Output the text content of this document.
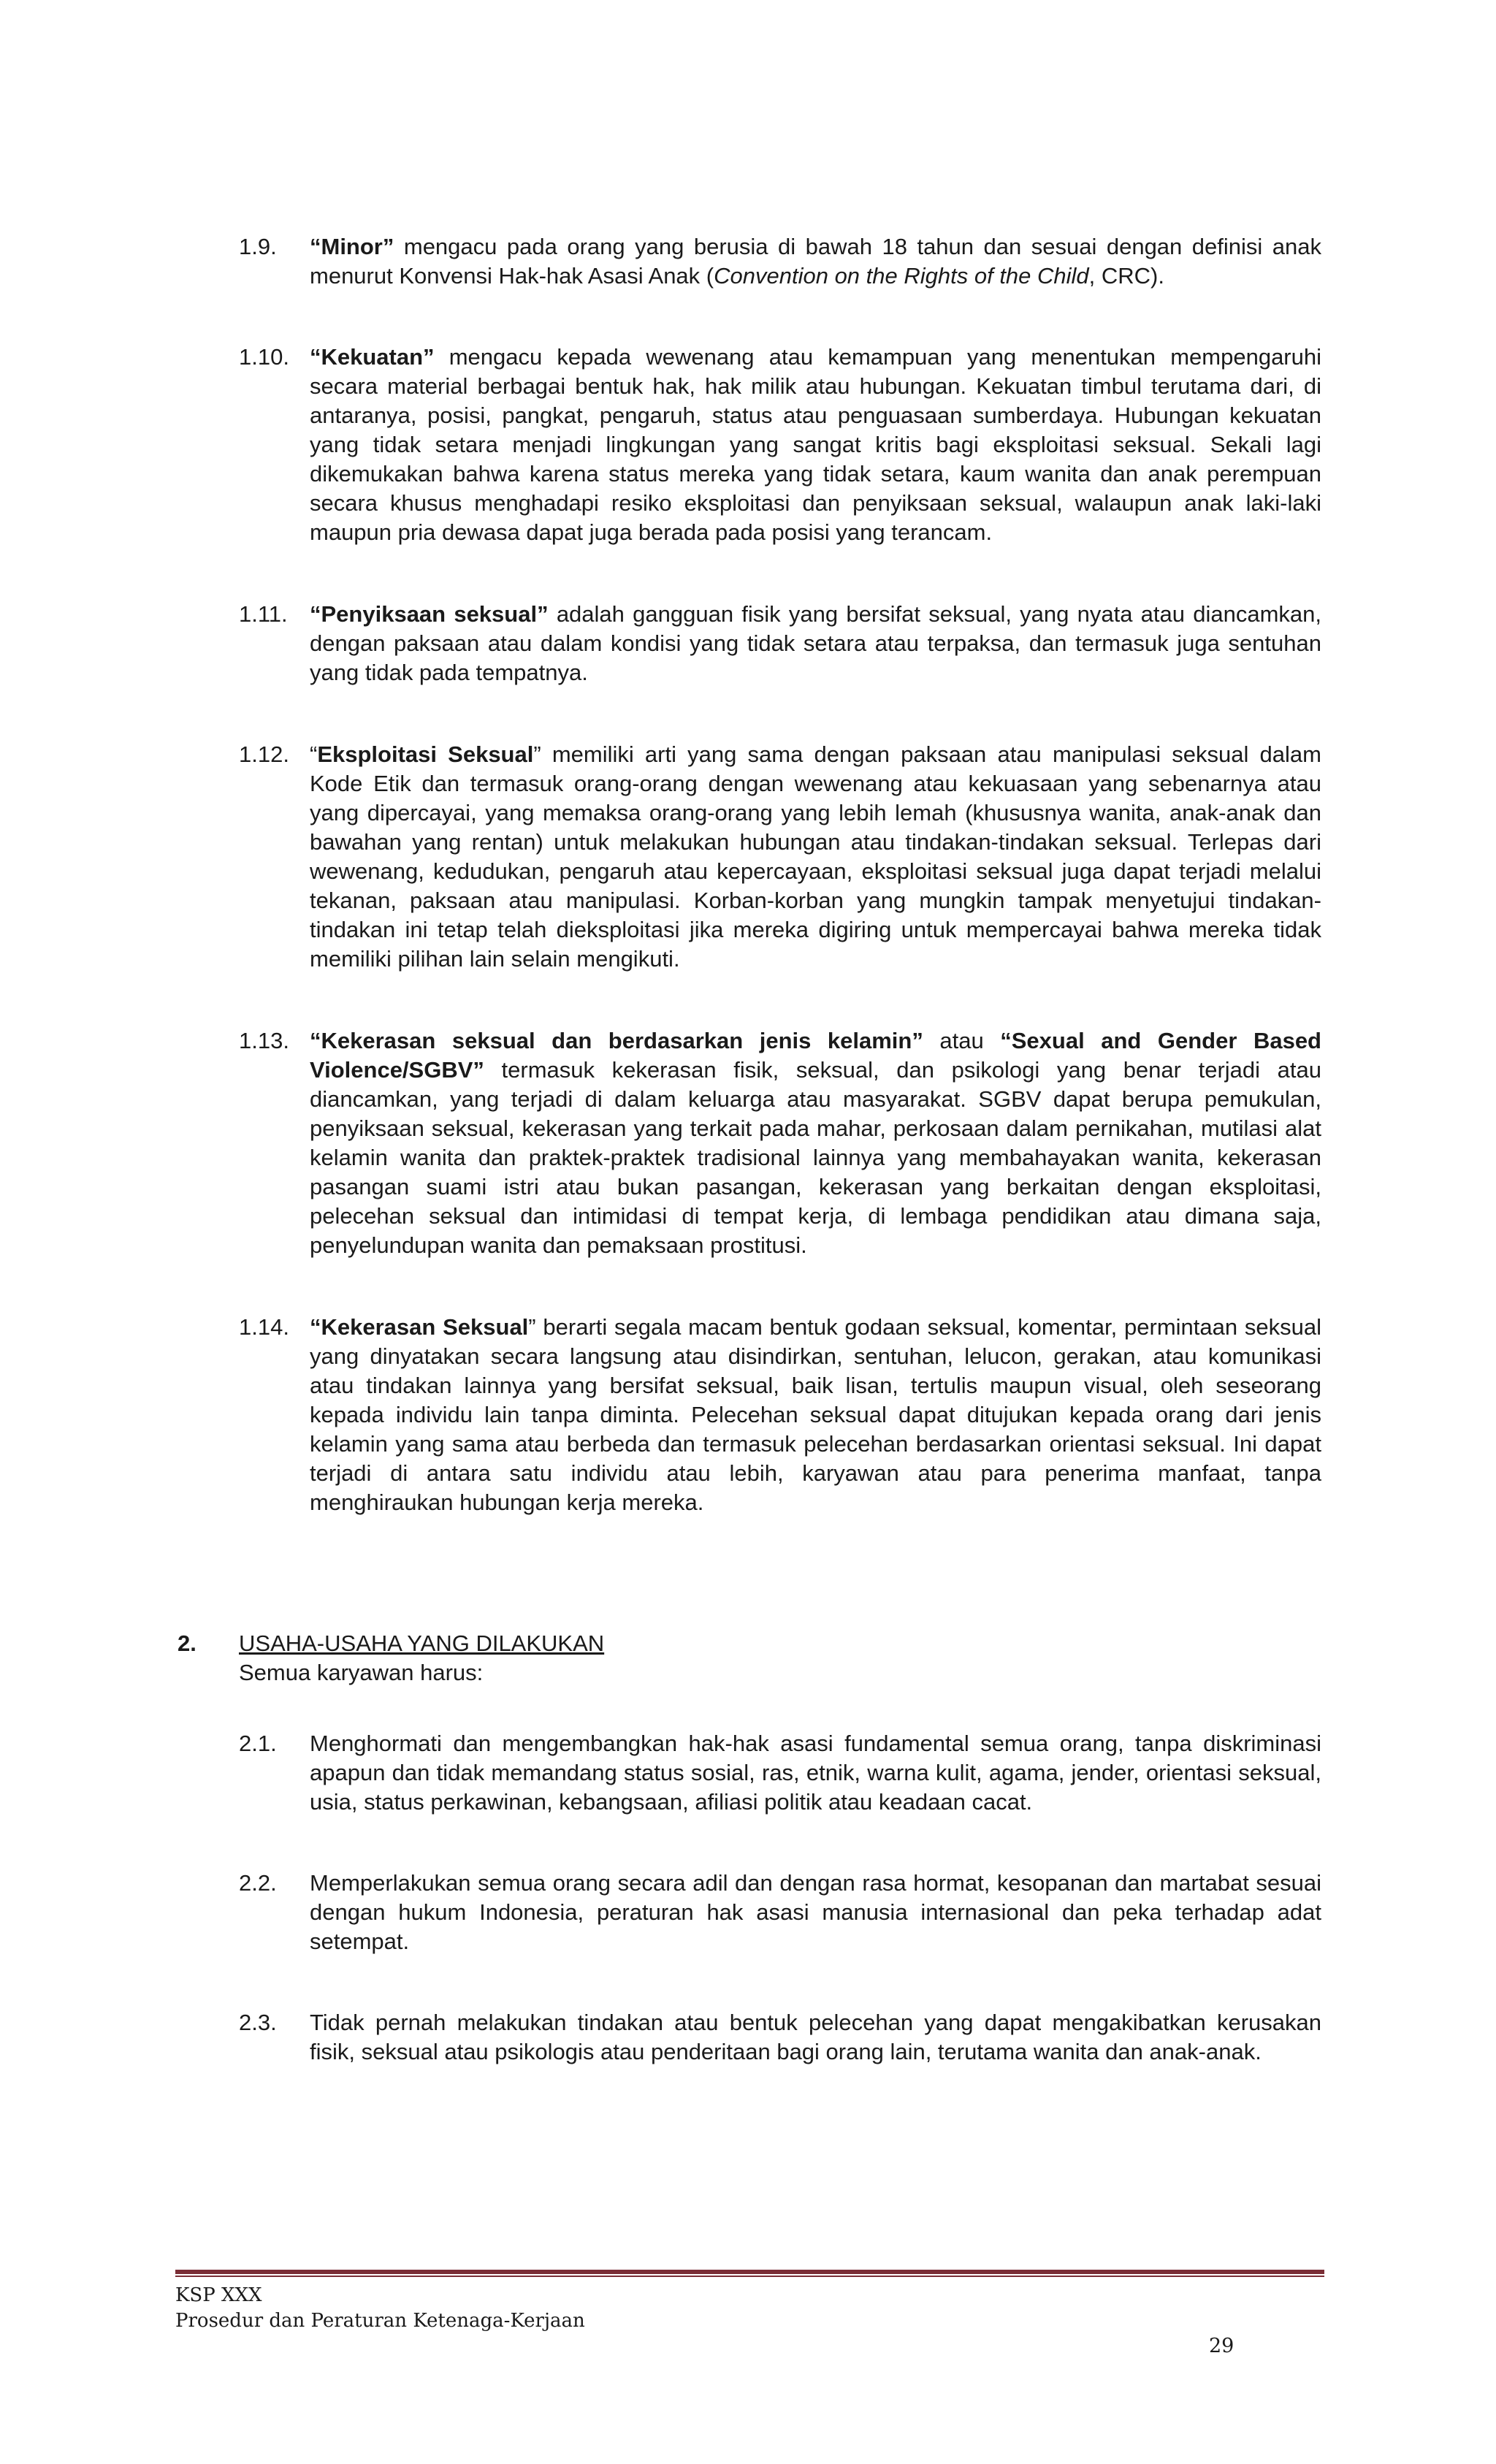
1.9. “Minor” mengacu pada orang yang berusia di bawah 18 tahun dan sesuai dengan definisi anak menurut Konvensi Hak-hak Asasi Anak (Convention on the Rights of the Child, CRC).

1.10. “Kekuatan” mengacu kepada wewenang atau kemampuan yang menentukan mempengaruhi secara material berbagai bentuk hak, hak milik atau hubungan. Kekuatan timbul terutama dari, di antaranya, posisi, pangkat, pengaruh, status atau penguasaan sumberdaya. Hubungan kekuatan yang tidak setara menjadi lingkungan yang sangat kritis bagi eksploitasi seksual. Sekali lagi dikemukakan bahwa karena status mereka yang tidak setara, kaum wanita dan anak perempuan secara khusus menghadapi resiko eksploitasi dan penyiksaan seksual, walaupun anak laki-laki maupun pria dewasa dapat juga berada pada posisi yang terancam.

1.11. “Penyiksaan seksual” adalah gangguan fisik yang bersifat seksual, yang nyata atau diancamkan, dengan paksaan atau dalam kondisi yang tidak setara atau terpaksa, dan termasuk juga sentuhan yang tidak pada tempatnya.

1.12. “Eksploitasi Seksual” memiliki arti yang sama dengan paksaan atau manipulasi seksual dalam Kode Etik dan termasuk orang-orang dengan wewenang atau kekuasaan yang sebenarnya atau yang dipercayai, yang memaksa orang-orang yang lebih lemah (khususnya wanita, anak-anak dan bawahan yang rentan) untuk melakukan hubungan atau tindakan-tindakan seksual. Terlepas dari wewenang, kedudukan, pengaruh atau kepercayaan, eksploitasi seksual juga dapat terjadi melalui tekanan, paksaan atau manipulasi. Korban-korban yang mungkin tampak menyetujui tindakan-tindakan ini tetap telah dieksploitasi jika mereka digiring untuk mempercayai bahwa mereka tidak memiliki pilihan lain selain mengikuti.

1.13. “Kekerasan seksual dan berdasarkan jenis kelamin” atau “Sexual and Gender Based Violence/SGBV” termasuk kekerasan fisik, seksual, dan psikologi yang benar terjadi atau diancamkan, yang terjadi di dalam keluarga atau masyarakat. SGBV dapat berupa pemukulan, penyiksaan seksual, kekerasan yang terkait pada mahar, perkosaan dalam pernikahan, mutilasi alat kelamin wanita dan praktek-praktek tradisional lainnya yang membahayakan wanita, kekerasan pasangan suami istri atau bukan pasangan, kekerasan yang berkaitan dengan eksploitasi, pelecehan seksual dan intimidasi di tempat kerja, di lembaga pendidikan atau dimana saja, penyelundupan wanita dan pemaksaan prostitusi.

1.14. “Kekerasan Seksual” berarti segala macam bentuk godaan seksual, komentar, permintaan seksual yang dinyatakan secara langsung atau disindirkan, sentuhan, lelucon, gerakan, atau komunikasi atau tindakan lainnya yang bersifat seksual, baik lisan, tertulis maupun visual, oleh seseorang kepada individu lain tanpa diminta. Pelecehan seksual dapat ditujukan kepada orang dari jenis kelamin yang sama atau berbeda dan termasuk pelecehan berdasarkan orientasi seksual. Ini dapat terjadi di antara satu individu atau lebih, karyawan atau para penerima manfaat, tanpa menghiraukan hubungan kerja mereka.

2. USAHA-USAHA YANG DILAKUKAN

Semua karyawan harus:

2.1. Menghormati dan mengembangkan hak-hak asasi fundamental semua orang, tanpa diskriminasi apapun dan tidak memandang status sosial, ras, etnik, warna kulit, agama, jender, orientasi seksual, usia, status perkawinan, kebangsaan, afiliasi politik atau keadaan cacat.

2.2. Memperlakukan semua orang secara adil dan dengan rasa hormat, kesopanan dan martabat sesuai dengan hukum Indonesia, peraturan hak asasi manusia internasional dan peka terhadap adat setempat.

2.3. Tidak pernah melakukan tindakan atau bentuk pelecehan yang dapat mengakibatkan kerusakan fisik, seksual atau psikologis atau penderitaan bagi orang lain, terutama wanita dan anak-anak.

KSP XXX
Prosedur dan Peraturan Ketenaga-Kerjaan
29
